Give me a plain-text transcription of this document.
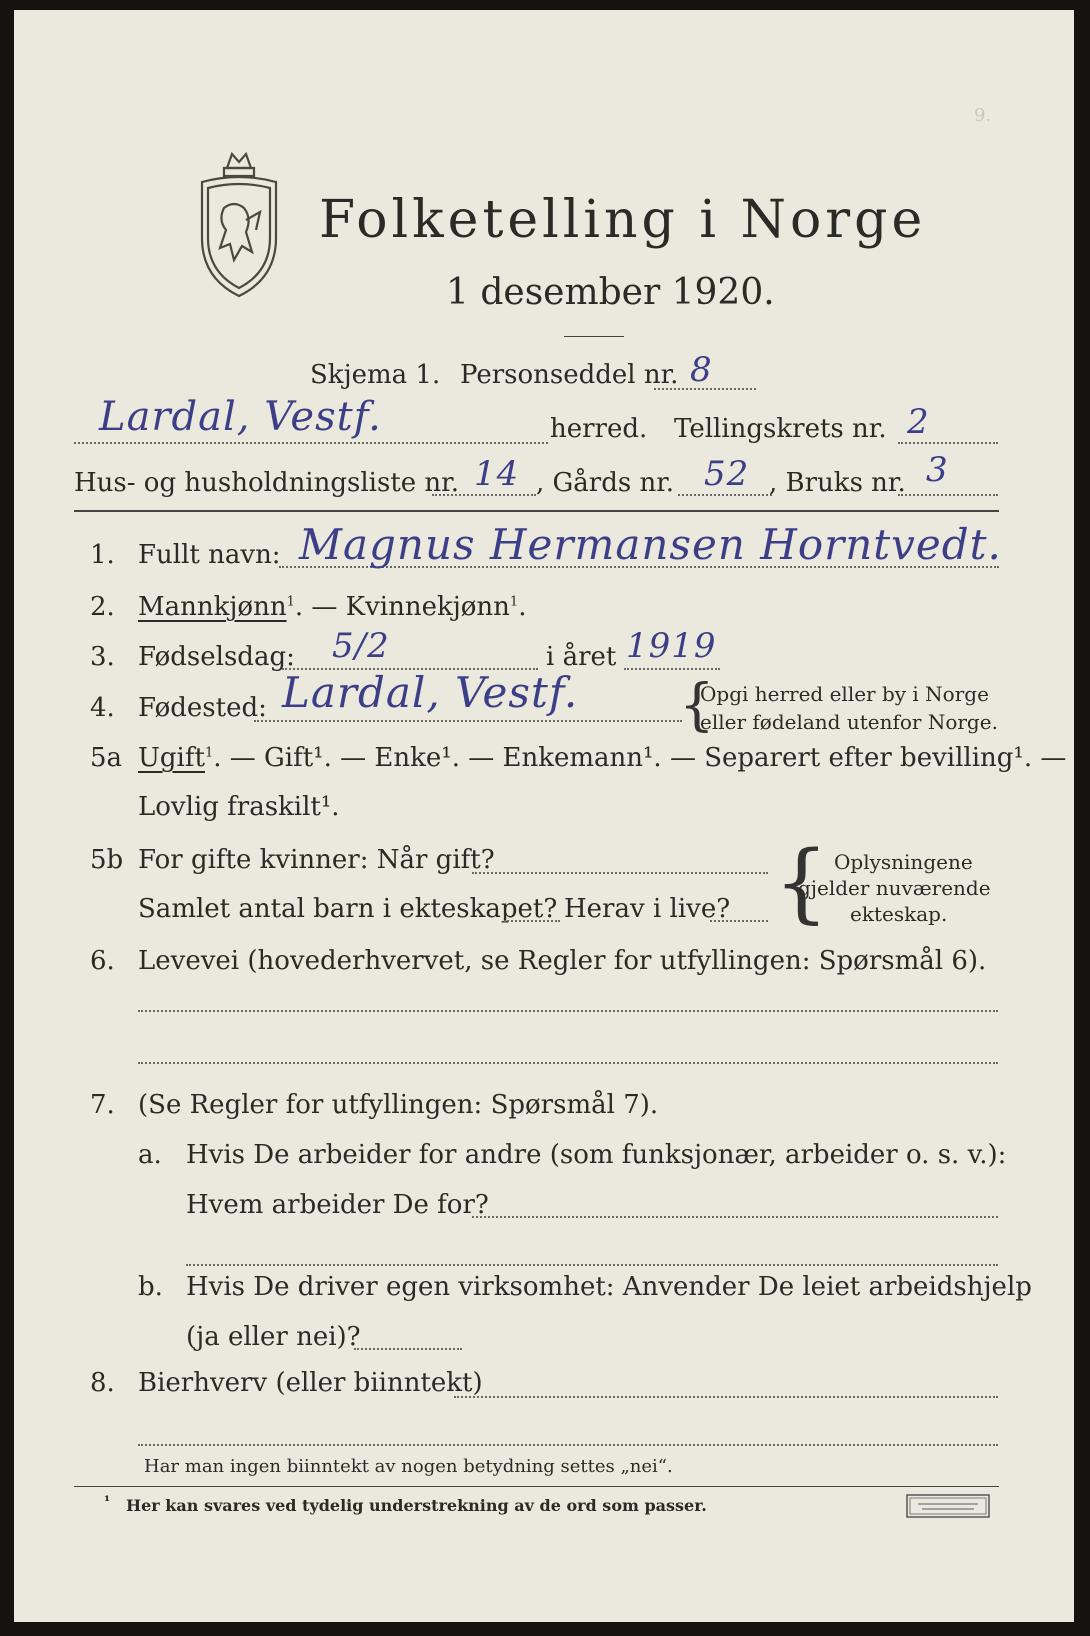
9.
Folketelling i Norge
1 desember 1920.
Skjema 1. Personseddel nr. 8
Lardal, Vestf.	herred. Tellingskrets nr. 2
Hus- og husholdningsliste nr. 14 , Gårds nr. 52 , Bruks nr. 3
1. Fullt navn: Magnus Hermansen Horntvedt.
2. Mannkjønn$^1$. — Kvinnekjønn$^1$.
3. Fødselsdag: 5/2	i året 1919
4. Fødested: Lardal, Vestf. {
Opgi herred eller by i Norge
eller fødeland utenfor Norge.
5a Ugift$^1$. — Gift¹. — Enke¹. — Enkemann¹. — Separert efter bevilling¹. —
Lovlig fraskilt¹.
5b For gifte kvinner: Når gift?
Samlet antal barn i ekteskapet? Herav i live? { Oplysningene
gjelder nuværende
ekteskap.
6. Levevei (hovederhvervet, se Regler for utfyllingen: Spørsmål 6).
7. (Se Regler for utfyllingen: Spørsmål 7).
a. Hvis De arbeider for andre (som funksjonær, arbeider o. s. v.):
Hvem arbeider De for?
b. Hvis De driver egen virksomhet: Anvender De leiet arbeidshjelp
(ja eller nei)?
8. Bierhverv (eller biinntekt)
Har man ingen biinntekt av nogen betydning settes „nei“.
¹ Her kan svares ved tydelig understrekning av de ord som passer.
